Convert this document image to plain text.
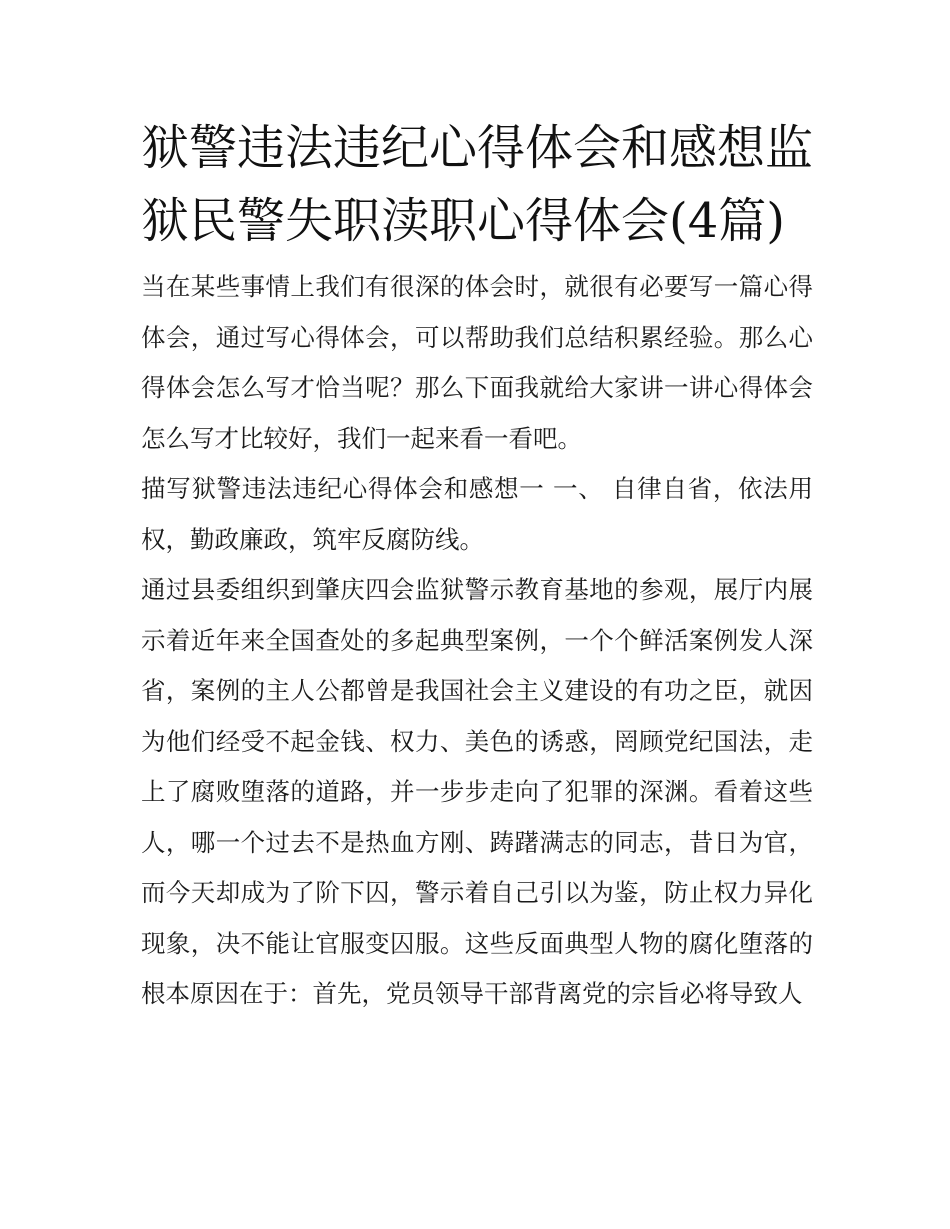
狱警违法违纪心得体会和感想监狱民警失职渎职心得体会(4篇)

当在某些事情上我们有很深的体会时，就很有必要写一篇心得体会，通过写心得体会，可以帮助我们总结积累经验。那么心得体会怎么写才恰当呢？那么下面我就给大家讲一讲心得体会怎么写才比较好，我们一起来看一看吧。

描写狱警违法违纪心得体会和感想一 一、 自律自省，依法用权，勤政廉政，筑牢反腐防线。

通过县委组织到肇庆四会监狱警示教育基地的参观，展厅内展示着近年来全国查处的多起典型案例，一个个鲜活案例发人深省，案例的主人公都曾是我国社会主义建设的有功之臣，就因为他们经受不起金钱、权力、美色的诱惑，罔顾党纪国法，走上了腐败堕落的道路，并一步步走向了犯罪的深渊。看着这些人，哪一个过去不是热血方刚、踌躇满志的同志，昔日为官，而今天却成为了阶下囚，警示着自己引以为鉴，防止权力异化现象，决不能让官服变囚服。这些反面典型人物的腐化堕落的根本原因在于：首先，党员领导干部背离党的宗旨必将导致人
